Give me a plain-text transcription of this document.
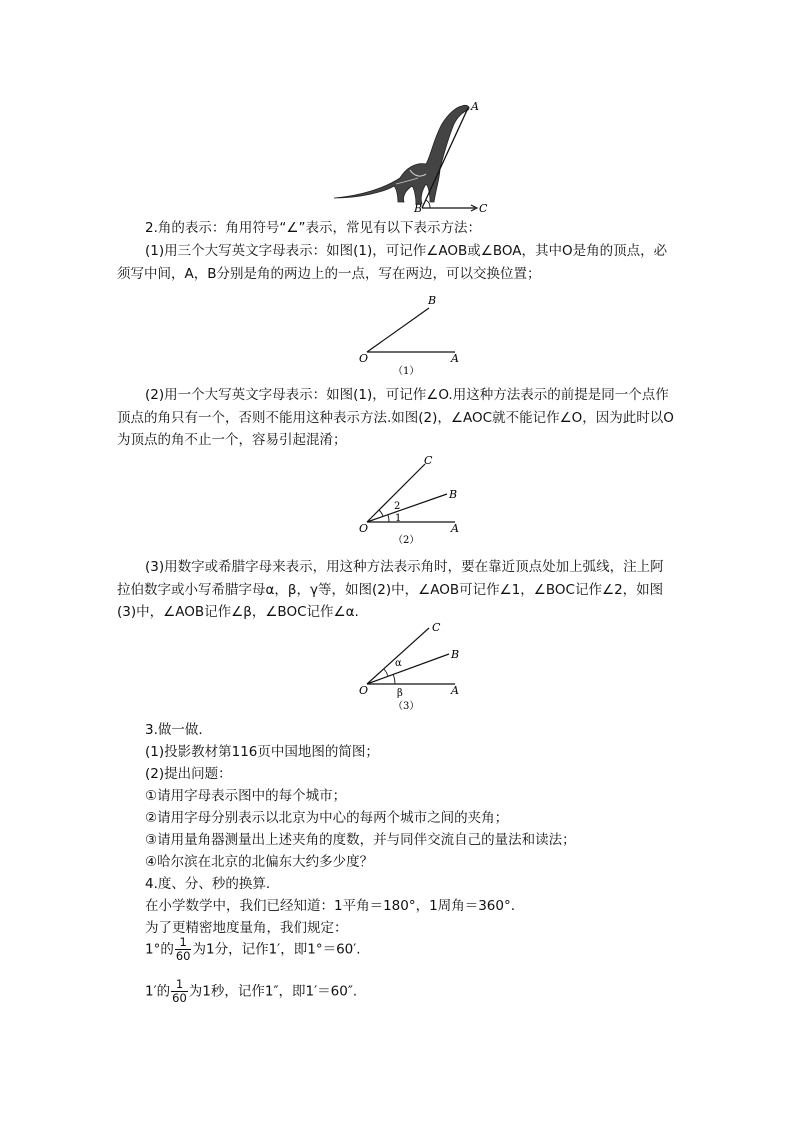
A
B	C

2.角的表示：角用符号“∠”表示，常见有以下表示方法：

(1)用三个大写英文字母表示：如图(1)，可记作∠AOB或∠BOA，其中O是角的顶点，必须写中间，A，B分别是角的两边上的一点，写在两边，可以交换位置；

O	A
B
（1）

(2)用一个大写英文字母表示：如图(1)，可记作∠O.用这种方法表示的前提是同一个点作顶点的角只有一个，否则不能用这种表示方法.如图(2)，∠AOC就不能记作∠O，因为此时以O为顶点的角不止一个，容易引起混淆；

1
2
O	A
B
C
（2）

(3)用数字或希腊字母来表示，用这种方法表示角时，要在靠近顶点处加上弧线，注上阿拉伯数字或小写希腊字母α，β，γ等，如图(2)中，∠AOB可记作∠1，∠BOC记作∠2，如图(3)中，∠AOB记作∠β，∠BOC记作∠α.

α
β
O	A
B
C
（3）

3.做一做.

(1)投影教材第116页中国地图的简图；

(2)提出问题：

①请用字母表示图中的每个城市；

②请用字母分别表示以北京为中心的每两个城市之间的夹角；

③请用量角器测量出上述夹角的度数，并与同伴交流自己的量法和读法；

④哈尔滨在北京的北偏东大约多少度？

4.度、分、秒的换算.

在小学数学中，我们已经知道：1平角＝180°，1周角＝360°.

为了更精密地度量角，我们规定：

1°的 $\frac{1}{60}$ 为1分，记作1′，即1°＝60′.
1′的 $\frac{1}{60}$ 为1秒，记作1″，即1′＝60″.
